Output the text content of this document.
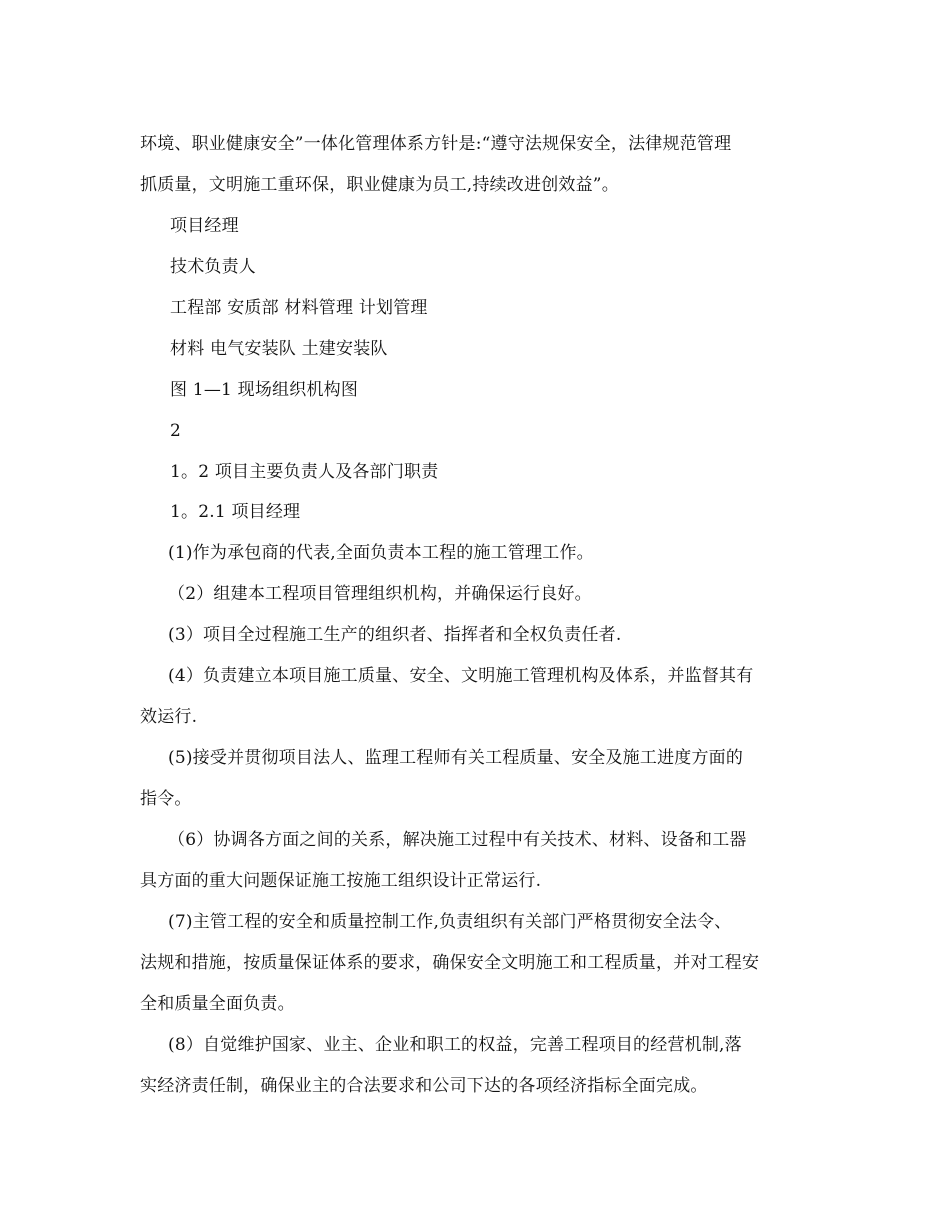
环境、职业健康安全”一体化管理体系方针是:“遵守法规保安全，法律规范管理
抓质量，文明施工重环保，职业健康为员工,持续改进创效益”。
项目经理
技术负责人
工程部 安质部 材料管理 计划管理
材料 电气安装队 土建安装队
图 1—1 现场组织机构图
2
1。2 项目主要负责人及各部门职责
1。2.1 项目经理
(1)作为承包商的代表,全面负责本工程的施工管理工作。
（2）组建本工程项目管理组织机构，并确保运行良好。
(3）项目全过程施工生产的组织者、指挥者和全权负责任者.
(4）负责建立本项目施工质量、安全、文明施工管理机构及体系，并监督其有
效运行.
(5)接受并贯彻项目法人、监理工程师有关工程质量、安全及施工进度方面的
指令。
（6）协调各方面之间的关系，解决施工过程中有关技术、材料、设备和工器
具方面的重大问题保证施工按施工组织设计正常运行.
(7)主管工程的安全和质量控制工作,负责组织有关部门严格贯彻安全法令、
法规和措施，按质量保证体系的要求，确保安全文明施工和工程质量，并对工程安
全和质量全面负责。
(8）自觉维护国家、业主、企业和职工的权益，完善工程项目的经营机制,落
实经济责任制，确保业主的合法要求和公司下达的各项经济指标全面完成。
